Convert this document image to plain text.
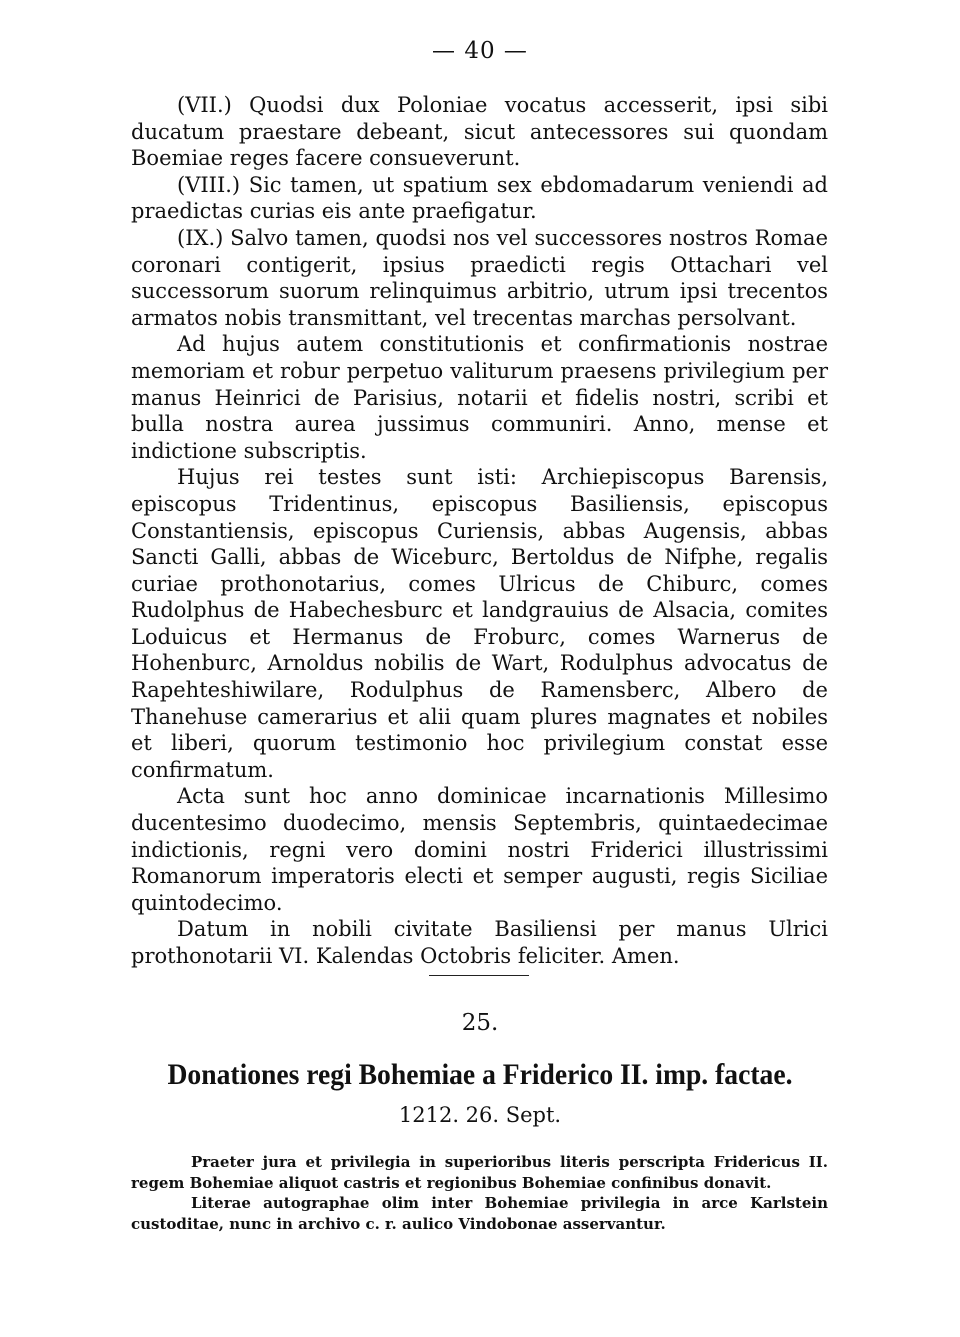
— 40 —

(VII.) Quodsi dux Poloniae vocatus accesserit, ipsi sibi ducatum praestare debeant, sicut antecessores sui quondam Boemiae reges facere consueverunt.

(VIII.) Sic tamen, ut spatium sex ebdomadarum veniendi ad praedictas curias eis ante praefigatur.

(IX.) Salvo tamen, quodsi nos vel successores nostros Romae coronari contigerit, ipsius praedicti regis Ottachari vel successorum suorum relinquimus arbitrio, utrum ipsi trecentos armatos nobis transmittant, vel trecentas marchas persolvant.

Ad hujus autem constitutionis et confirmationis nostrae memoriam et robur perpetuo valiturum praesens privilegium per manus Heinrici de Parisius, notarii et fidelis nostri, scribi et bulla nostra aurea jussimus communiri. Anno, mense et indictione subscriptis.

Hujus rei testes sunt isti: Archiepiscopus Barensis, episcopus Tridentinus, episcopus Basiliensis, episcopus Constantiensis, episcopus Curiensis, abbas Augensis, abbas Sancti Galli, abbas de Wiceburc, Bertoldus de Nifphe, regalis curiae prothonotarius, comes Ulricus de Chiburc, comes Rudolphus de Habechesburc et landgrauius de Alsacia, comites Loduicus et Hermanus de Froburc, comes Warnerus de Hohenburc, Arnoldus nobilis de Wart, Rodulphus advocatus de Rapehteshiwilare, Rodulphus de Ramensberc, Albero de Thanehuse camerarius et alii quam plures magnates et nobiles et liberi, quorum testimonio hoc privilegium constat esse confirmatum.

Acta sunt hoc anno dominicae incarnationis Millesimo ducentesimo duodecimo, mensis Septembris, quintaedecimae indictionis, regni vero domini nostri Friderici illustrissimi Romanorum imperatoris electi et semper augusti, regis Siciliae quintodecimo.

Datum in nobili civitate Basiliensi per manus Ulrici prothonotarii VI. Kalendas Octobris feliciter. Amen.

25.
Donationes regi Bohemiae a Friderico II. imp. factae.
1212. 26. Sept.

Praeter jura et privilegia in superioribus literis perscripta Fridericus II. regem Bohemiae aliquot castris et regionibus Bohemiae confinibus donavit.

Literae autographae olim inter Bohemiae privilegia in arce Karlstein custoditae, nunc in archivo c. r. aulico Vindobonae asservantur.
